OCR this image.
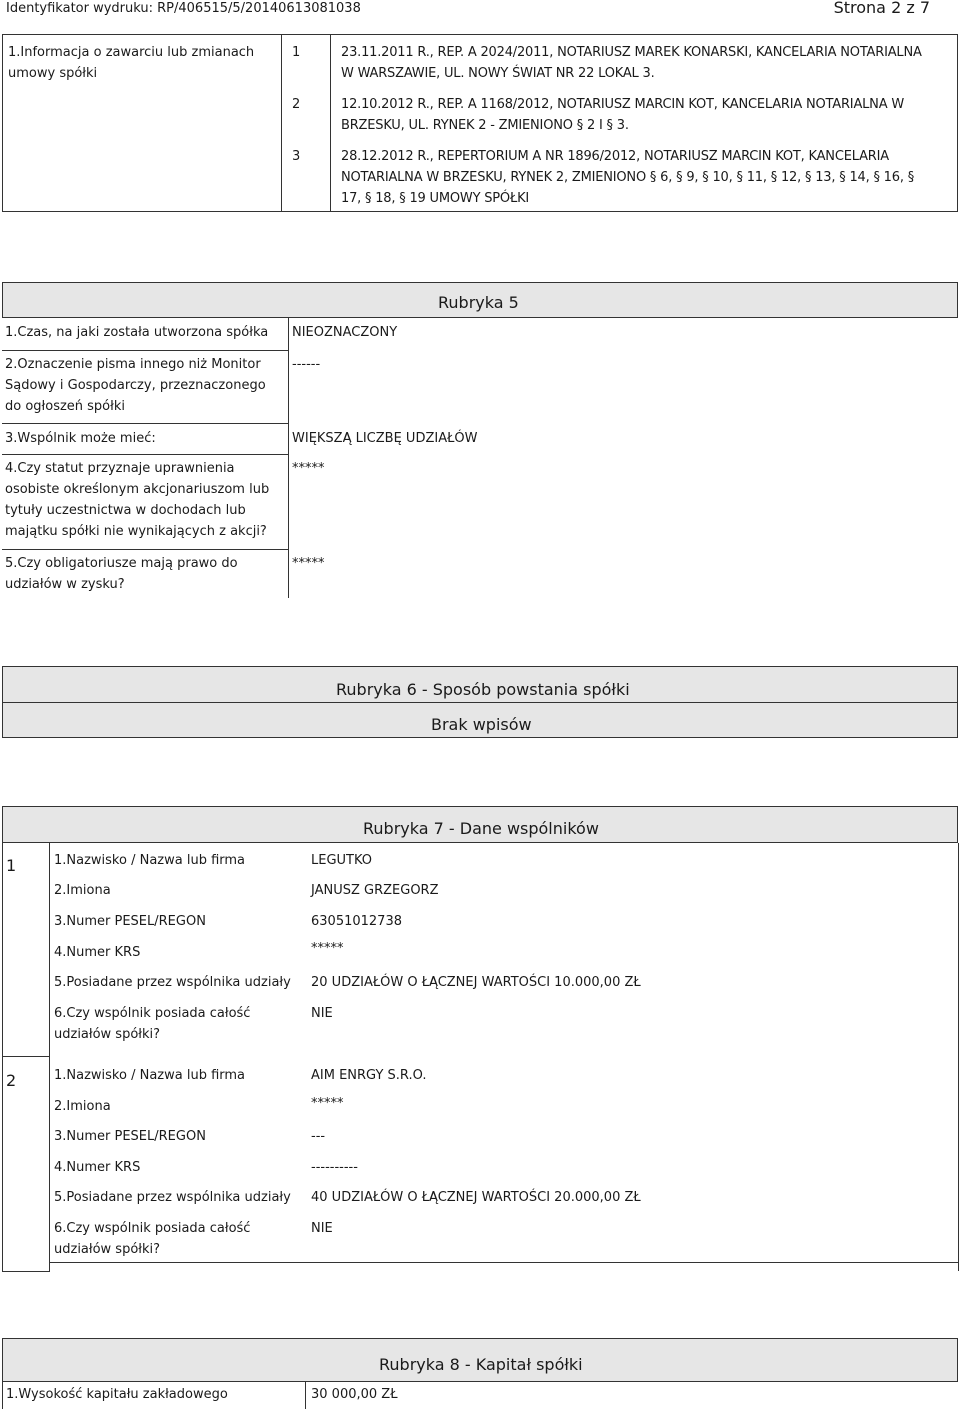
Identyfikator wydruku: RP/406515/5/20140613081038	Strona 2 z 7
1.Informacja o zawarciu lub zmianach umowy spółki
1	23.11.2011 R., REP. A 2024/2011, NOTARIUSZ MAREK KONARSKI, KANCELARIA NOTARIALNA
W WARSZAWIE, UL. NOWY ŚWIAT NR 22 LOKAL 3.
2	12.10.2012 R., REP. A 1168/2012, NOTARIUSZ MARCIN KOT, KANCELARIA NOTARIALNA W
BRZESKU, UL. RYNEK 2 - ZMIENIONO § 2 I § 3.
3	28.12.2012 R., REPERTORIUM A NR 1896/2012, NOTARIUSZ MARCIN KOT, KANCELARIA
NOTARIALNA W BRZESKU, RYNEK 2, ZMIENIONO § 6, § 9, § 10, § 11, § 12, § 13, § 14, § 16, §
17, § 18, § 19 UMOWY SPÓŁKI
Rubryka 5
1.Czas, na jaki została utworzona spółka NIEOZNACZONY
2.Oznaczenie pisma innego niż Monitor Sądowy i Gospodarczy, przeznaczonego do ogłoszeń spółki
------
3.Wspólnik może mieć:	WIĘKSZĄ LICZBĘ UDZIAŁÓW
4.Czy statut przyznaje uprawnienia osobiste określonym akcjonariuszom lub tytuły uczestnictwa w dochodach lub majątku spółki nie wynikających z akcji?
*****
5.Czy obligatoriusze mają prawo do udziałów w zysku?
*****
Rubryka 6 - Sposób powstania spółki
Brak wpisów
Rubryka 7 - Dane wspólników
1	1.Nazwisko / Nazwa lub firma	LEGUTKO
2.Imiona	JANUSZ GRZEGORZ
3.Numer PESEL/REGON	63051012738
4.Numer KRS	*****
5.Posiadane przez wspólnika udziały 20 UDZIAŁÓW O ŁĄCZNEJ WARTOŚCI 10.000,00 ZŁ
6.Czy wspólnik posiada całość udziałów spółki?
NIE
2	1.Nazwisko / Nazwa lub firma	AIM ENRGY S.R.O.
2.Imiona	*****
3.Numer PESEL/REGON	---
4.Numer KRS	----------
5.Posiadane przez wspólnika udziały 40 UDZIAŁÓW O ŁĄCZNEJ WARTOŚCI 20.000,00 ZŁ
6.Czy wspólnik posiada całość udziałów spółki?
NIE
Rubryka 8 - Kapitał spółki
1.Wysokość kapitału zakładowego	30 000,00 ZŁ
